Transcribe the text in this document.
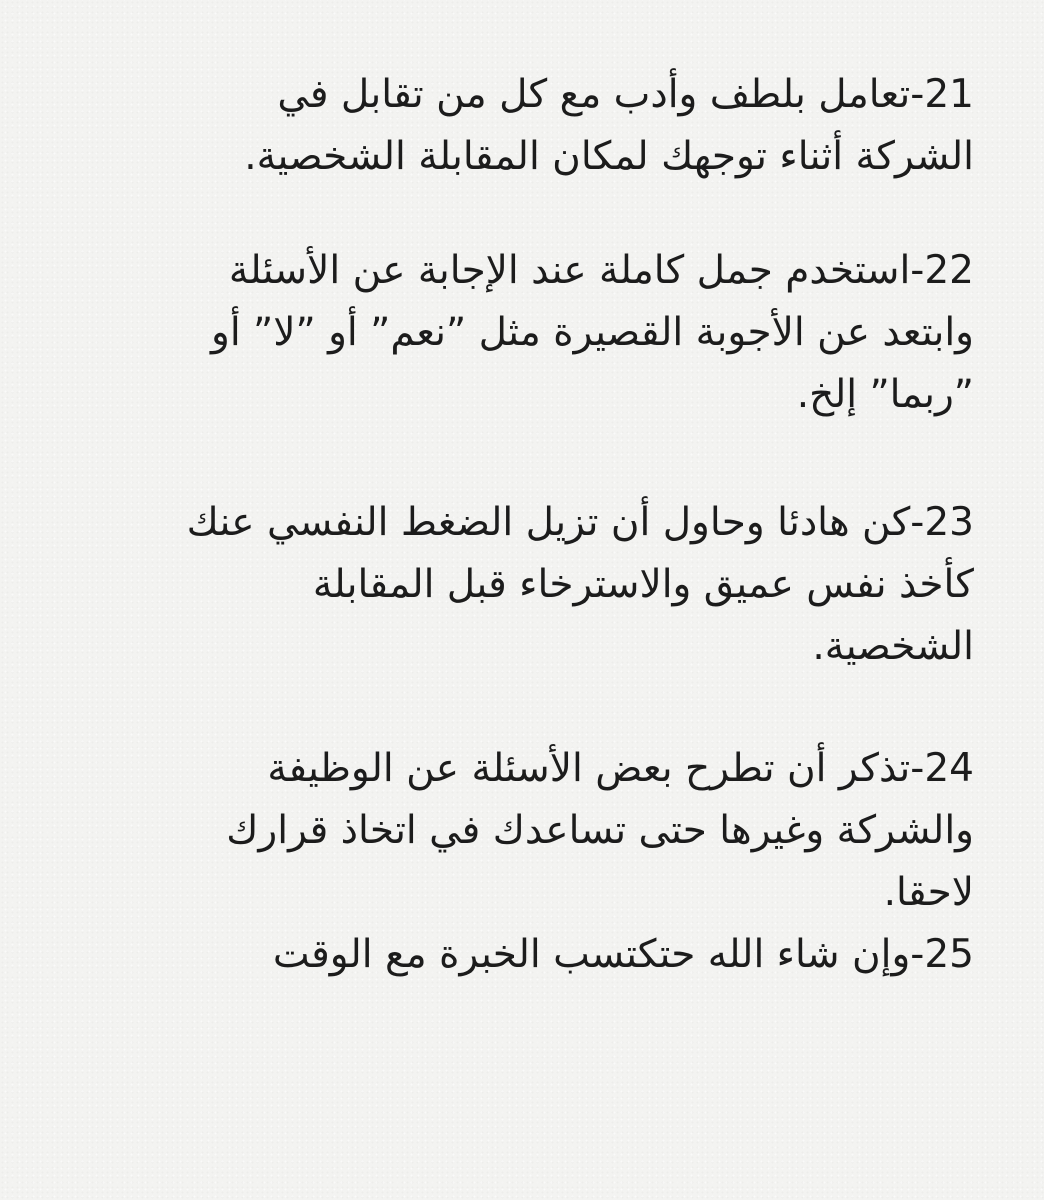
21-تعامل بلطف وأدب مع كل من تقابل في
الشركة أثناء توجهك لمكان المقابلة الشخصية.
22-استخدم جمل كاملة عند الإجابة عن الأسئلة
وابتعد عن الأجوبة القصيرة مثل ”نعم” أو ”لا” أو
”ربما” إلخ.
23-كن هادئا وحاول أن تزيل الضغط النفسي عنك
كأخذ نفس عميق والاسترخاء قبل المقابلة
الشخصية.
24-تذكر أن تطرح بعض الأسئلة عن الوظيفة
والشركة وغيرها حتى تساعدك في اتخاذ قرارك
لاحقا.
25-وإن شاء الله حتكتسب الخبرة مع الوقت
